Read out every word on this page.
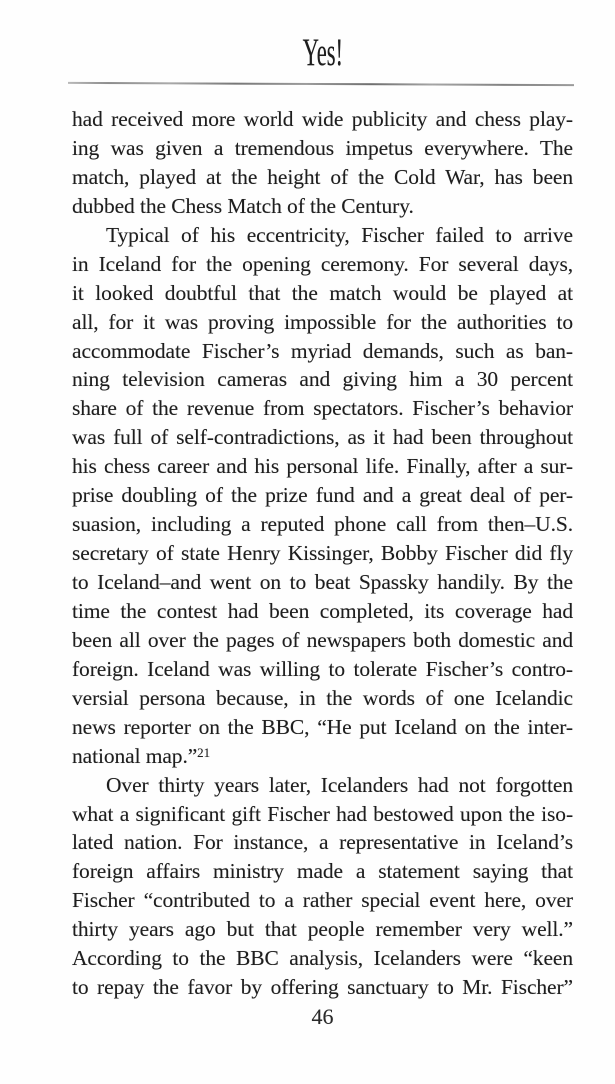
Yes!
had received more world wide publicity and chess play-
ing was given a tremendous impetus everywhere. The
match, played at the height of the Cold War, has been
dubbed the Chess Match of the Century.
Typical of his eccentricity, Fischer failed to arrive
in Iceland for the opening ceremony. For several days,
it looked doubtful that the match would be played at
all, for it was proving impossible for the authorities to
accommodate Fischer’s myriad demands, such as ban-
ning television cameras and giving him a 30 percent
share of the revenue from spectators. Fischer’s behavior
was full of self-contradictions, as it had been throughout
his chess career and his personal life. Finally, after a sur-
prise doubling of the prize fund and a great deal of per-
suasion, including a reputed phone call from then–U.S.
secretary of state Henry Kissinger, Bobby Fischer did fly
to Iceland–and went on to beat Spassky handily. By the
time the contest had been completed, its coverage had
been all over the pages of newspapers both domestic and
foreign. Iceland was willing to tolerate Fischer’s contro-
versial persona because, in the words of one Icelandic
news reporter on the BBC, “He put Iceland on the inter-
national map.”$^{21}$
Over thirty years later, Icelanders had not forgotten
what a significant gift Fischer had bestowed upon the iso-
lated nation. For instance, a representative in Iceland’s
foreign affairs ministry made a statement saying that
Fischer “contributed to a rather special event here, over
thirty years ago but that people remember very well.”
According to the BBC analysis, Icelanders were “keen
to repay the favor by offering sanctuary to Mr. Fischer”
46
